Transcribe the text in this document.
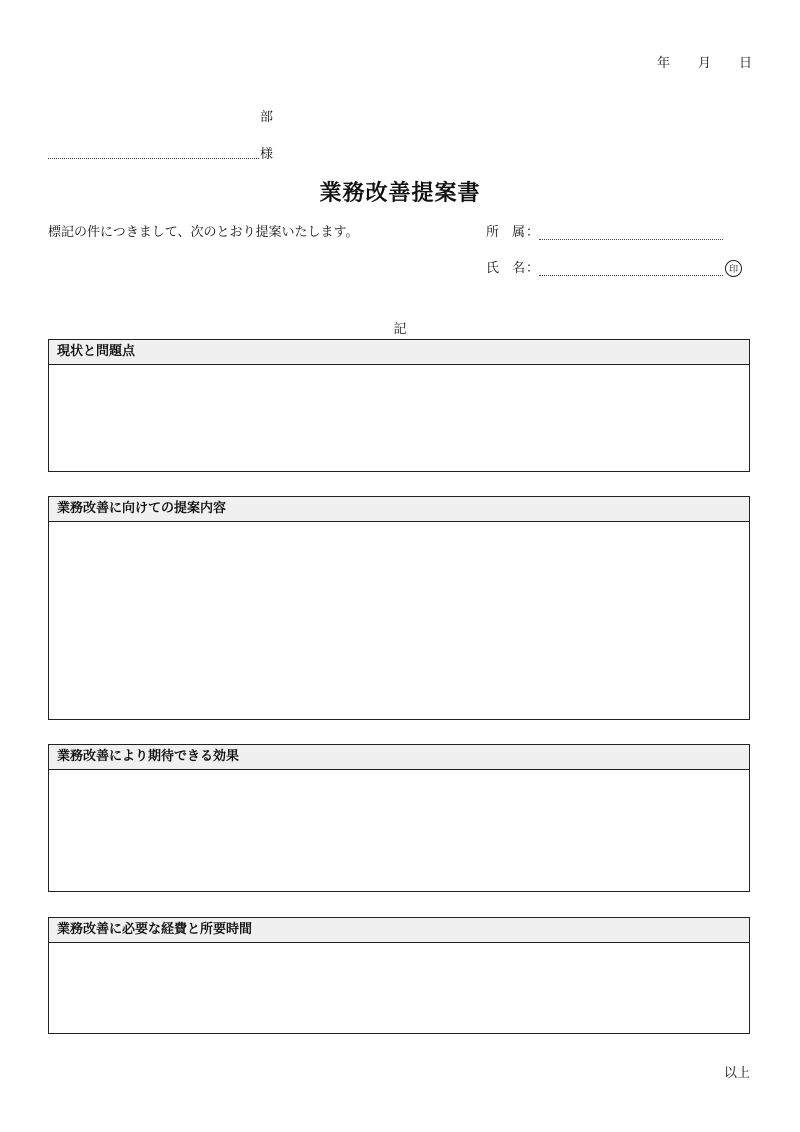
年 月 日
部
様
業務改善提案書
標記の件につきまして、次のとおり提案いたします。	所　属 ：
氏　名 ：	印
記
現状と問題点
業務改善に向けての提案内容
業務改善により期待できる効果
業務改善に必要な経費と所要時間
以上
